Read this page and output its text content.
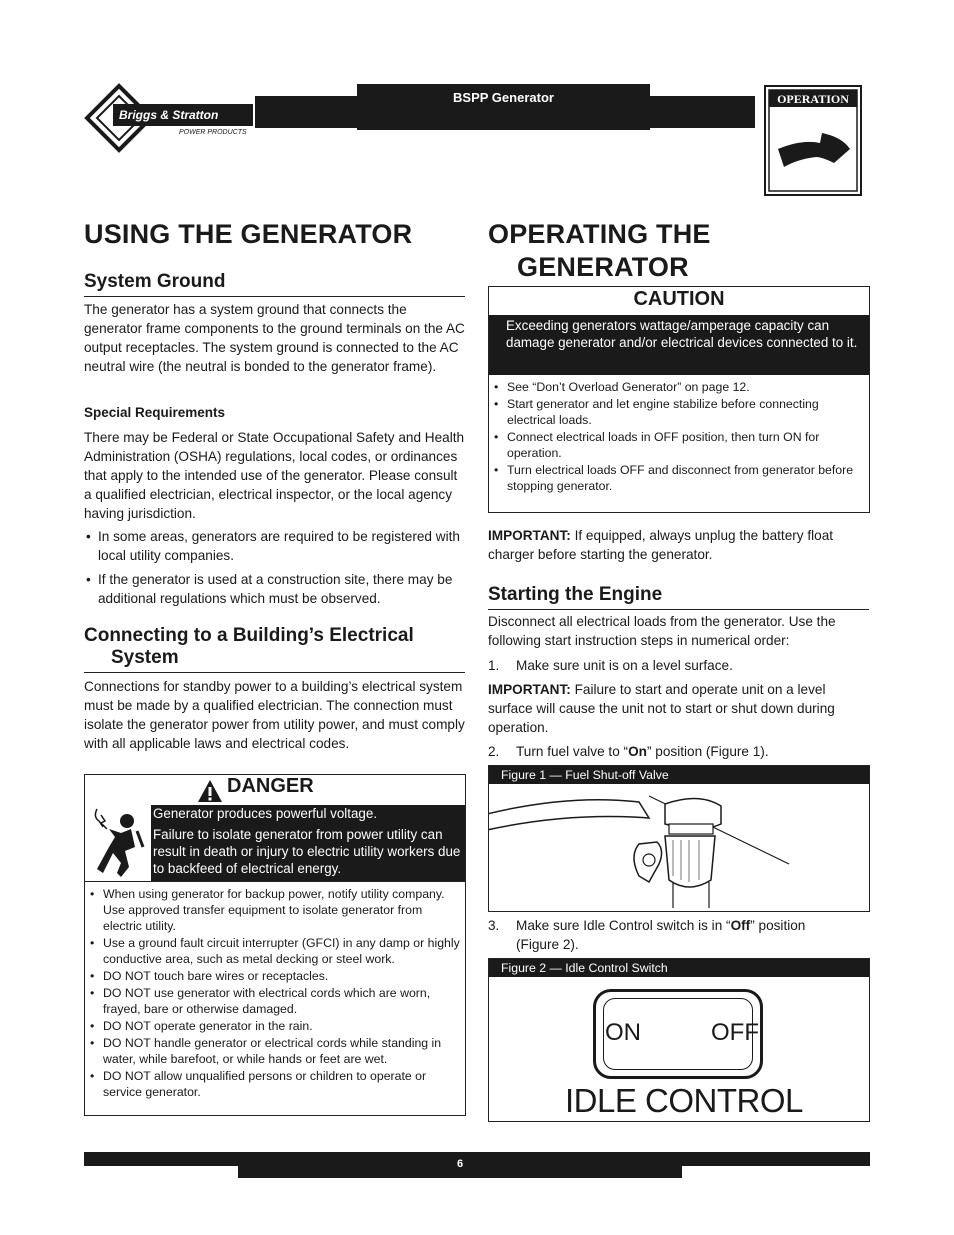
BSPP Generator
Briggs & Stratton
POWER PRODUCTS
OPERATION
USING THE GENERATOR
System Ground

The generator has a system ground that connects the generator frame components to the ground terminals on the AC output receptacles. The system ground is connected to the AC neutral wire (the neutral is bonded to the generator frame).

Special Requirements

There may be Federal or State Occupational Safety and Health Administration (OSHA) regulations, local codes, or ordinances that apply to the intended use of the generator. Please consult a qualified electrician, electrical inspector, or the local agency having jurisdiction.

• In some areas, generators are required to be registered with local utility companies.
• If the generator is used at a construction site, there may be additional regulations which must be observed.
Connecting to a Building’s Electrical
System

Connections for standby power to a building’s electrical system must be made by a qualified electrician. The connection must isolate the generator power from utility power, and must comply with all applicable laws and electrical codes.

DANGER
Generator produces powerful voltage.
Failure to isolate generator from power utility can result in death or injury to electric utility workers due to backfeed of electrical energy.
• When using generator for backup power, notify utility company. Use approved transfer equipment to isolate generator from electric utility.
• Use a ground fault circuit interrupter (GFCI) in any damp or highly conductive area, such as metal decking or steel work.
• DO NOT touch bare wires or receptacles.
• DO NOT use generator with electrical cords which are worn, frayed, bare or otherwise damaged.
• DO NOT operate generator in the rain.
• DO NOT handle generator or electrical cords while standing in water, while barefoot, or while hands or feet are wet.
• DO NOT allow unqualified persons or children to operate or service generator.
OPERATING THE
GENERATOR
CAUTION
Exceeding generators wattage/amperage capacity can damage generator and/or electrical devices connected to it.
• See “Don’t Overload Generator” on page 12.
• Start generator and let engine stabilize before connecting electrical loads.
• Connect electrical loads in OFF position, then turn ON for operation.
• Turn electrical loads OFF and disconnect from generator before stopping generator.

IMPORTANT: If equipped, always unplug the battery float charger before starting the generator.

Starting the Engine

Disconnect all electrical loads from the generator. Use the following start instruction steps in numerical order:

1. Make sure unit is on a level surface.

IMPORTANT: Failure to start and operate unit on a level surface will cause the unit not to start or shut down during operation.

2. Turn fuel valve to “On” position (Figure 1).
Figure 1 — Fuel Shut-off Valve
3. Make sure Idle Control switch is in “Off” position
(Figure 2).
Figure 2 — Idle Control Switch
ON	OFF
IDLE CONTROL
6
